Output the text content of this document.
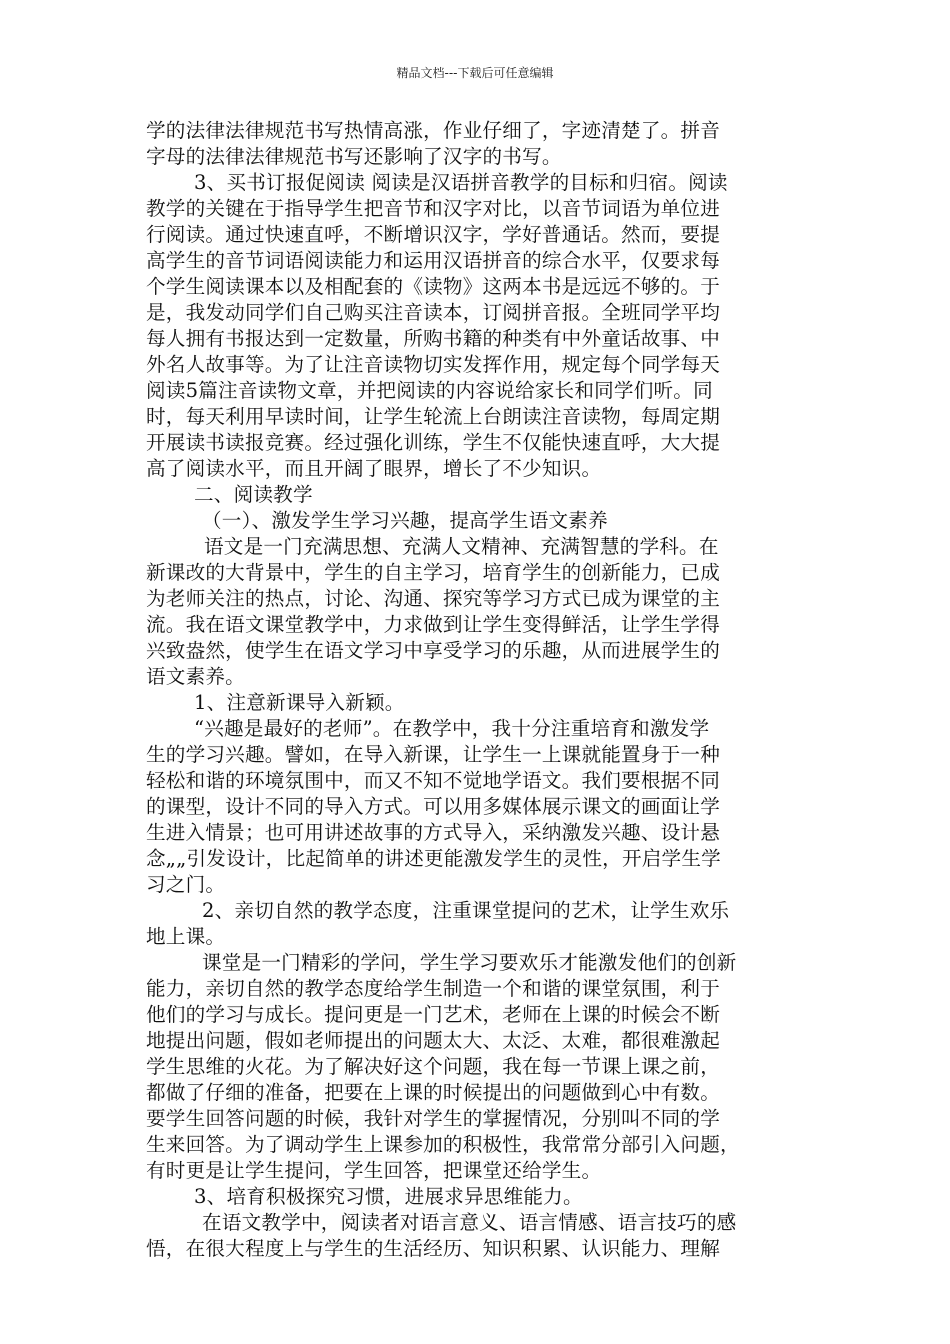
精品文档---下载后可任意编辑
学的法律法律规范书写热情高涨，作业仔细了，字迹清楚了。拼音
字母的法律法律规范书写还影响了汉字的书写。
3、买书订报促阅读 阅读是汉语拼音教学的目标和归宿。阅读
教学的关键在于指导学生把音节和汉字对比，以音节词语为单位进
行阅读。通过快速直呼，不断增识汉字，学好普通话。然而，要提
高学生的音节词语阅读能力和运用汉语拼音的综合水平，仅要求每
个学生阅读课本以及相配套的《读物》这两本书是远远不够的。于
是，我发动同学们自己购买注音读本，订阅拼音报。全班同学平均
每人拥有书报达到一定数量，所购书籍的种类有中外童话故事、中
外名人故事等。为了让注音读物切实发挥作用，规定每个同学每天
阅读5篇注音读物文章，并把阅读的内容说给家长和同学们听。同
时，每天利用早读时间，让学生轮流上台朗读注音读物，每周定期
开展读书读报竞赛。经过强化训练，学生不仅能快速直呼，大大提
高了阅读水平，而且开阔了眼界，增长了不少知识。
二、阅读教学
（一）、激发学生学习兴趣，提高学生语文素养
语文是一门充满思想、充满人文精神、充满智慧的学科。在
新课改的大背景中，学生的自主学习，培育学生的创新能力，已成
为老师关注的热点，讨论、沟通、探究等学习方式已成为课堂的主
流。我在语文课堂教学中，力求做到让学生变得鲜活，让学生学得
兴致盎然，使学生在语文学习中享受学习的乐趣，从而进展学生的
语文素养。
1、注意新课导入新颖。
“兴趣是最好的老师”。在教学中，我十分注重培育和激发学
生的学习兴趣。譬如，在导入新课，让学生一上课就能置身于一种
轻松和谐的环境氛围中，而又不知不觉地学语文。我们要根据不同
的课型，设计不同的导入方式。可以用多媒体展示课文的画面让学
生进入情景；也可用讲述故事的方式导入，采纳激发兴趣、设计悬
念„„引发设计，比起简单的讲述更能激发学生的灵性，开启学生学
习之门。
2、亲切自然的教学态度，注重课堂提问的艺术，让学生欢乐
地上课。
课堂是一门精彩的学问，学生学习要欢乐才能激发他们的创新
能力，亲切自然的教学态度给学生制造一个和谐的课堂氛围，利于
他们的学习与成长。提问更是一门艺术，老师在上课的时候会不断
地提出问题，假如老师提出的问题太大、太泛、太难，都很难激起
学生思维的火花。为了解决好这个问题，我在每一节课上课之前，
都做了仔细的准备，把要在上课的时候提出的问题做到心中有数。
要学生回答问题的时候，我针对学生的掌握情况，分别叫不同的学
生来回答。为了调动学生上课参加的积极性，我常常分部引入问题，
有时更是让学生提问，学生回答，把课堂还给学生。
3、培育积极探究习惯，进展求异思维能力。
在语文教学中，阅读者对语言意义、语言情感、语言技巧的感
悟，在很大程度上与学生的生活经历、知识积累、认识能力、理解
